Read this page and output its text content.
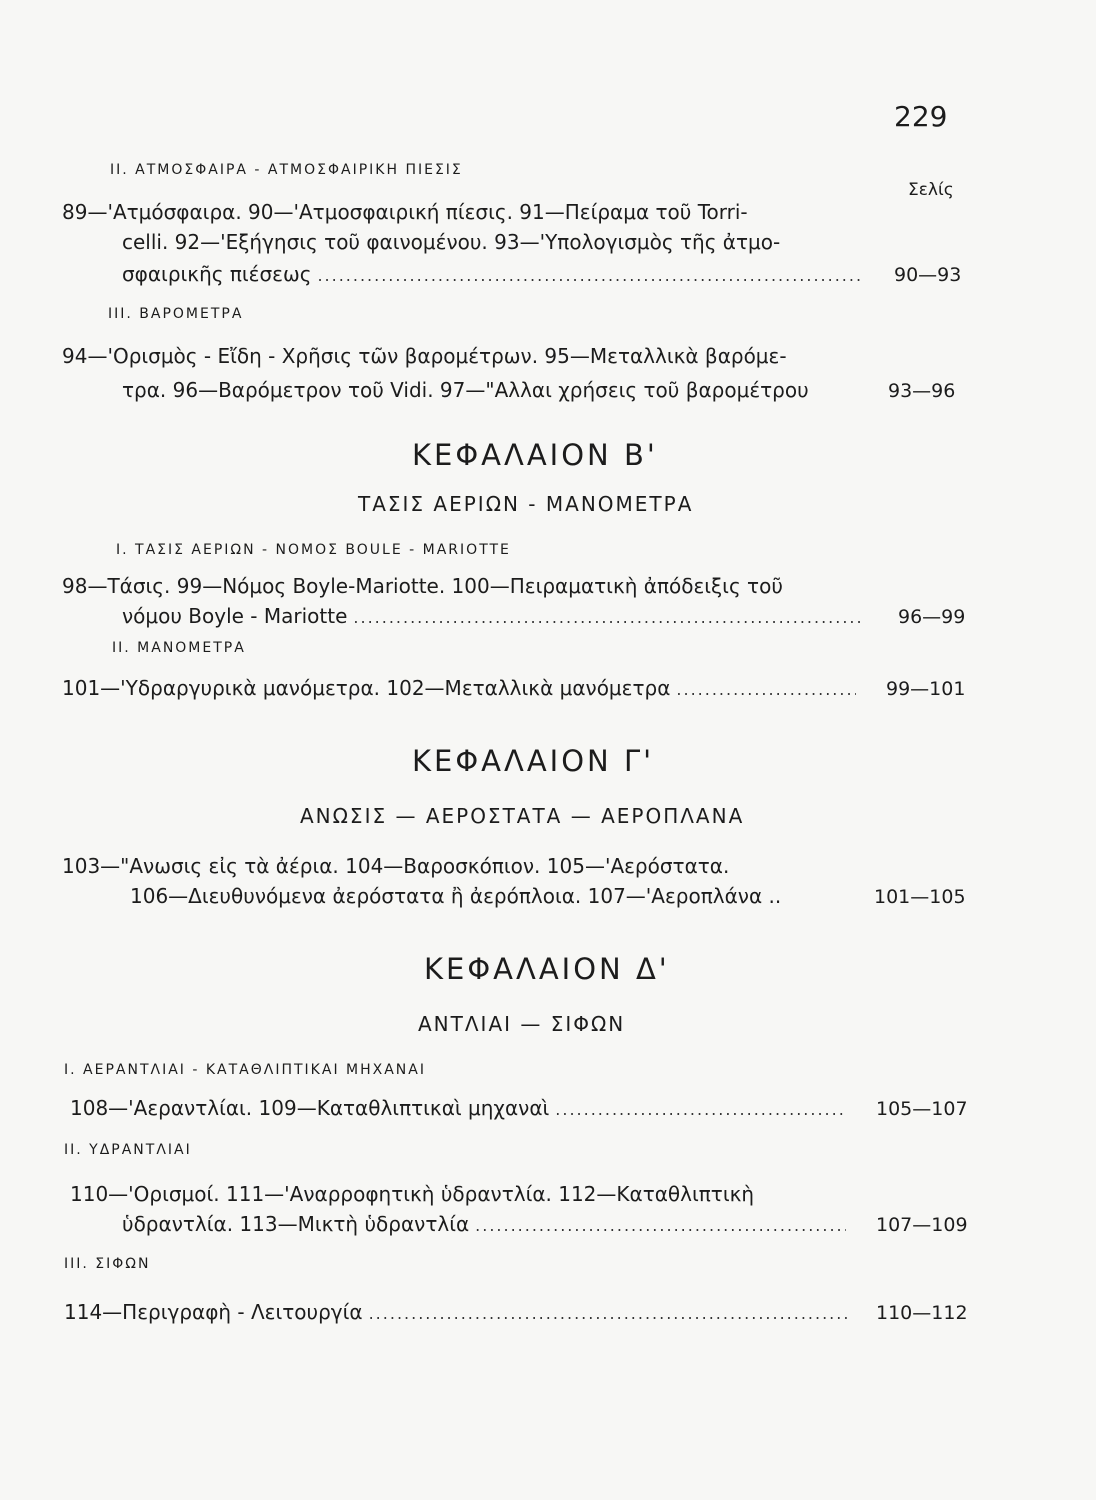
229
II. ΑΤΜΟΣΦΑΙΡΑ - ΑΤΜΟΣΦΑΙΡΙΚΗ ΠΙΕΣΙΣ
Σελίς
89—'Ατμόσφαιρα. 90—'Ατμοσφαιρική πίεσις. 91—Πείραμα τοῦ Torri-
celli. 92—'Εξήγησις τοῦ φαινομένου. 93—'Υπολογισμὸς τῆς ἀτμο-
σφαιρικῆς πιέσεως .....	90—93
III. ΒΑΡΟΜΕΤΡΑ
94—'Ορισμὸς - Εἴδη - Χρῆσις τῶν βαρομέτρων. 95—Μεταλλικὰ βαρόμε-
τρα. 96—Βαρόμετρον τοῦ Vidi. 97—"Αλλαι χρήσεις τοῦ βαρομέτρου	93—96
ΚΕΦΑΛΑΙΟΝ Β'
ΤΑΣΙΣ ΑΕΡΙΩΝ - ΜΑΝΟΜΕΤΡΑ
I. ΤΑΣΙΣ ΑΕΡΙΩΝ - ΝΟΜΟΣ BOULE - MARIOTTE
98—Τάσις. 99—Νόμος Boyle-Mariotte. 100—Πειραματικὴ ἀπόδειξις τοῦ
νόμου Boyle - Mariotte .....	96—99
II. ΜΑΝΟΜΕΤΡΑ
101—'Υδραργυρικὰ μανόμετρα. 102—Μεταλλικὰ μανόμετρα .....	99—101
ΚΕΦΑΛΑΙΟΝ Γ'
ΑΝΩΣΙΣ — ΑΕΡΟΣΤΑΤΑ — ΑΕΡΟΠΛΑΝΑ
103—"Ανωσις εἰς τὰ ἀέρια. 104—Βαροσκόπιον. 105—'Αερόστατα.
106—Διευθυνόμενα ἀερόστατα ἢ ἀερόπλοια. 107—'Αεροπλάνα ..	101—105
ΚΕΦΑΛΑΙΟΝ Δ'
ΑΝΤΛΙΑΙ — ΣΙΦΩΝ
I. ΑΕΡΑΝΤΛΙΑΙ - ΚΑΤΑΘΛΙΠΤΙΚΑΙ ΜΗΧΑΝΑΙ
108—'Αεραντλίαι. 109—Καταθλιπτικαὶ μηχαναὶ .....	105—107
II. ΥΔΡΑΝΤΛΙΑΙ
110—'Ορισμοί. 111—'Αναρροφητικὴ ὑδραντλία. 112—Καταθλιπτικὴ
ὑδραντλία. 113—Μικτὴ ὑδραντλία .....	107—109
III. ΣΙΦΩΝ
114—Περιγραφὴ - Λειτουργία .....	110—112
